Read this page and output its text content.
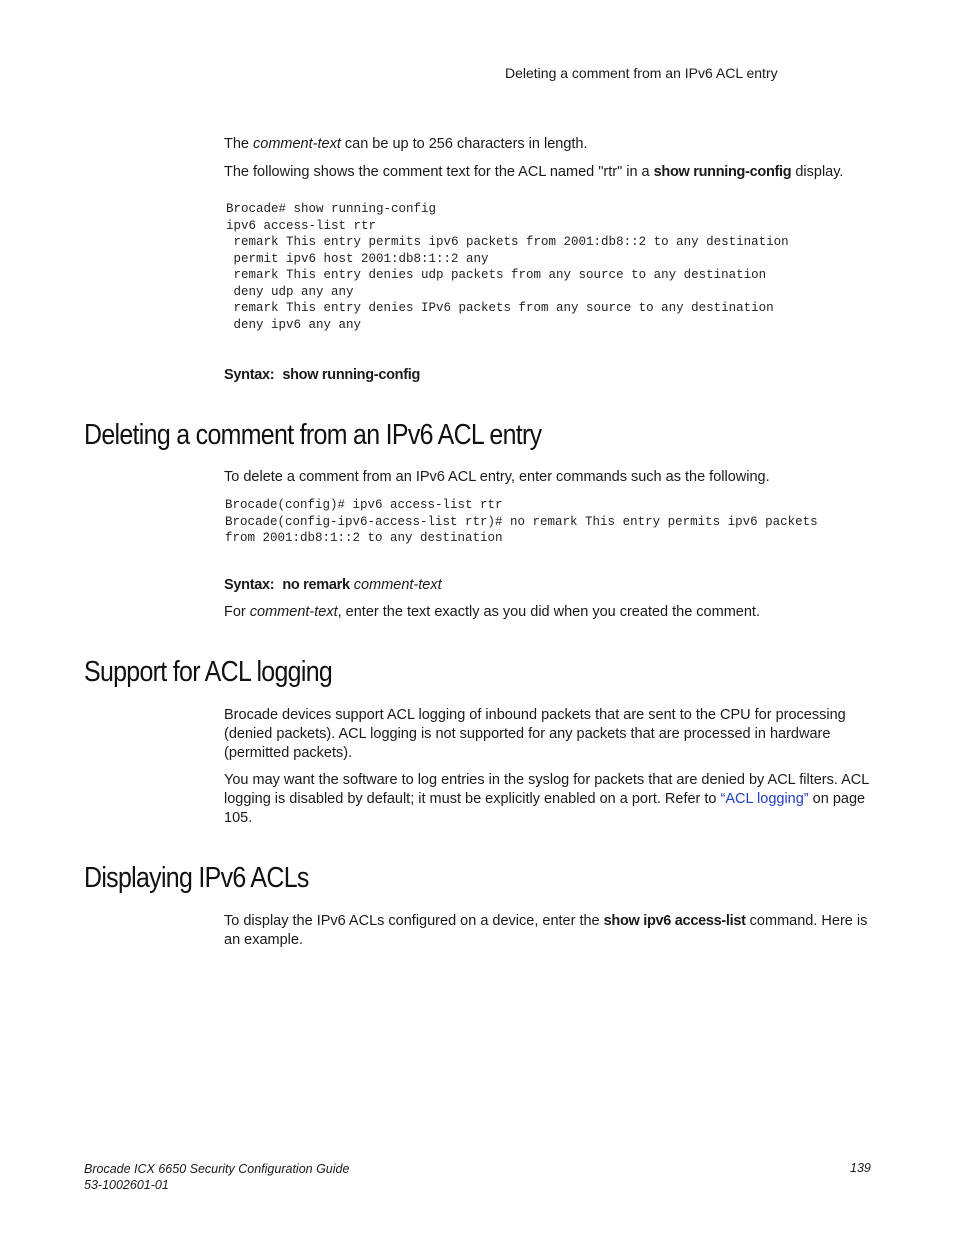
Deleting a comment from an IPv6 ACL entry
The comment-text can be up to 256 characters in length.
The following shows the comment text for the ACL named "rtr" in a show running-config display.
Brocade# show running-config
ipv6 access-list rtr
remark This entry permits ipv6 packets from 2001:db8::2 to any destination
permit ipv6 host 2001:db8:1::2 any
remark This entry denies udp packets from any source to any destination
deny udp any any
remark This entry denies IPv6 packets from any source to any destination
deny ipv6 any any
Syntax: show running-config
Deleting a comment from an IPv6 ACL entry
To delete a comment from an IPv6 ACL entry, enter commands such as the following.
Brocade(config)# ipv6 access-list rtr
Brocade(config-ipv6-access-list rtr)# no remark This entry permits ipv6 packets
from 2001:db8:1::2 to any destination
Syntax: no remark comment-text
For comment-text, enter the text exactly as you did when you created the comment.
Support for ACL logging
Brocade devices support ACL logging of inbound packets that are sent to the CPU for processing (denied packets). ACL logging is not supported for any packets that are processed in hardware (permitted packets).
You may want the software to log entries in the syslog for packets that are denied by ACL filters. ACL logging is disabled by default; it must be explicitly enabled on a port. Refer to “ACL logging” on page 105.
Displaying IPv6 ACLs
To display the IPv6 ACLs configured on a device, enter the show ipv6 access-list command. Here is an example.
Brocade ICX 6650 Security Configuration Guide
53-1002601-01
139
